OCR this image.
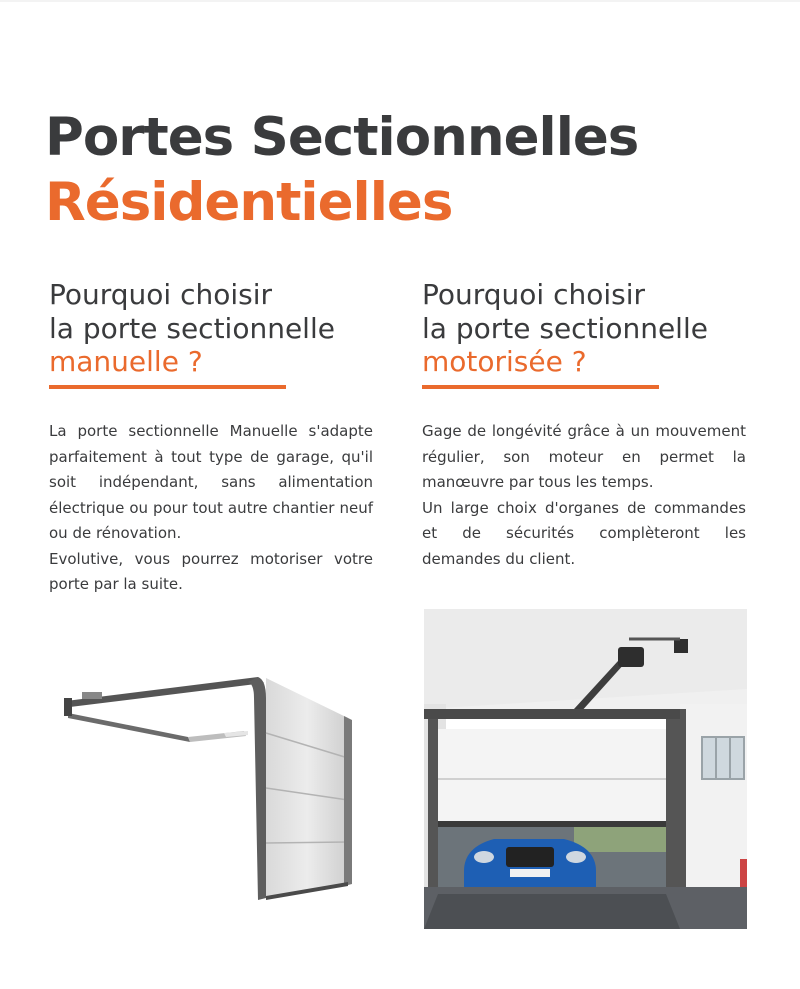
Portes Sectionnelles
Résidentielles
Pourquoi choisir
la porte sectionnelle
manuelle ?

La porte sectionnelle Manuelle s'adapte parfaitement à tout type de garage, qu'il soit indépendant, sans alimentation électrique ou pour tout autre chantier neuf ou de rénovation.
Evolutive, vous pourrez motoriser votre porte par la suite.

Pourquoi choisir
la porte sectionnelle
motorisée ?

Gage de longévité grâce à un mouvement régulier, son moteur en permet la manœuvre par tous les temps.
Un large choix d'organes de commandes et de sécurités complèteront les demandes du client.
